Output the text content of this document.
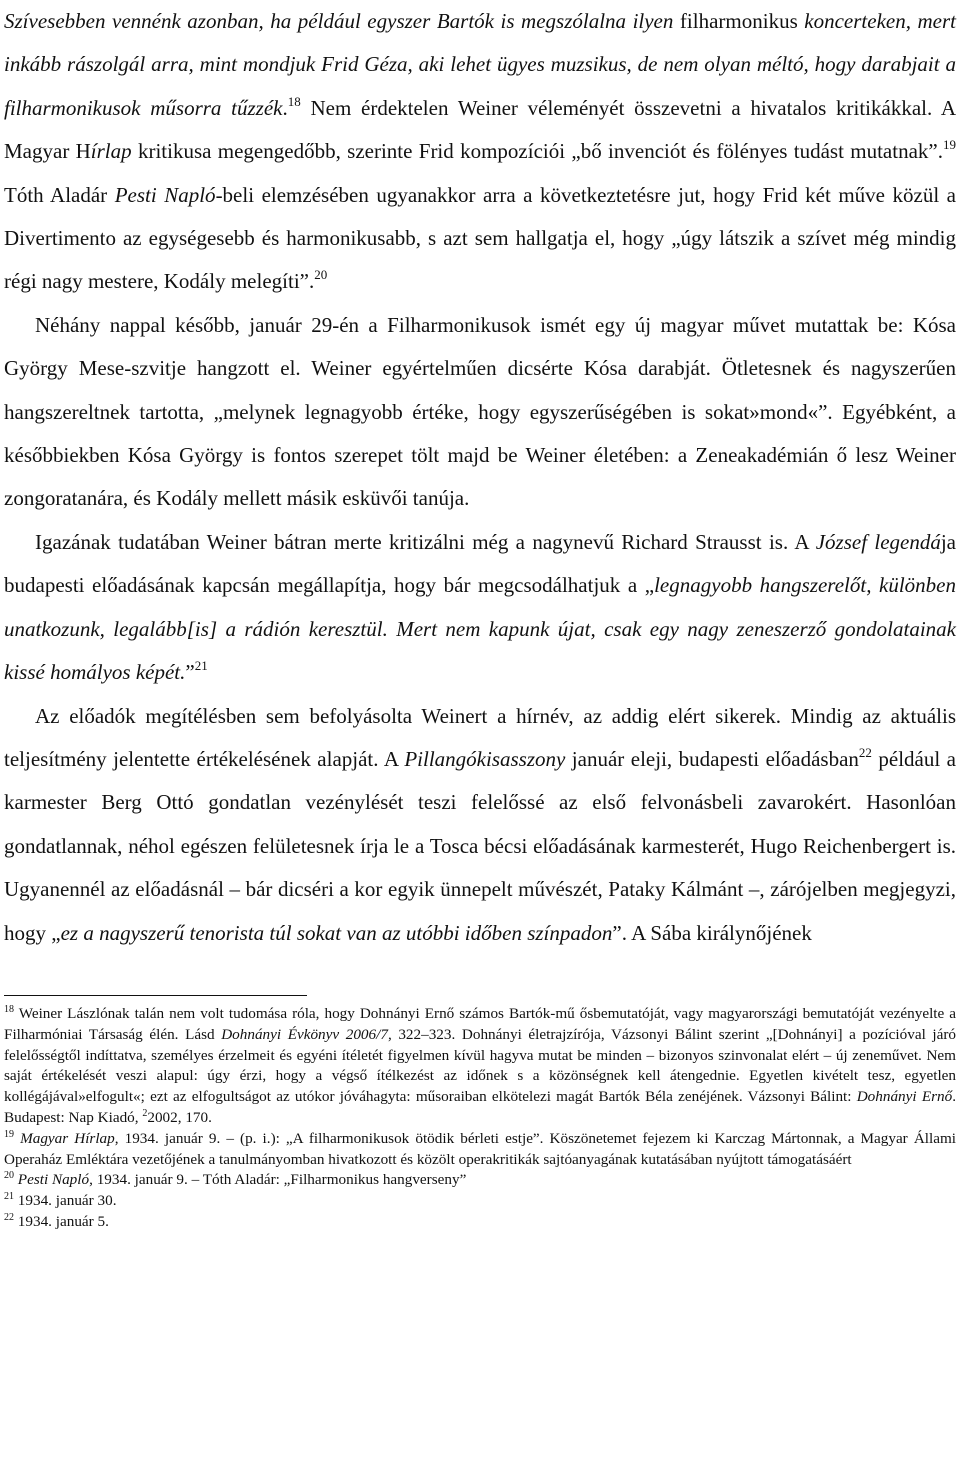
Szívesebben vennénk azonban, ha például egyszer Bartók is megszólalna ilyen filharmonikus koncerteken, mert inkább rászolgál arra, mint mondjuk Frid Géza, aki lehet ügyes muzsikus, de nem olyan méltó, hogy darabjait a filharmonikusok műsorra tűzzék.$^{18}$ Nem érdektelen Weiner véleményét összevetni a hivatalos kritikákkal. A Magyar Hírlap kritikusa megengedőbb, szerinte Frid kompozíciói „bő invenciót és fölényes tudást mutatnak”.$^{19}$ Tóth Aladár Pesti Napló-beli elemzésében ugyanakkor arra a következtetésre jut, hogy Frid két műve közül a Divertimento az egységesebb és harmonikusabb, s azt sem hallgatja el, hogy „úgy látszik a szívet még mindig régi nagy mestere, Kodály melegíti”.$^{20}$

Néhány nappal később, január 29-én a Filharmonikusok ismét egy új magyar művet mutattak be: Kósa György Mese-szvitje hangzott el. Weiner egyértelműen dicsérte Kósa darabját. Ötletesnek és nagyszerűen hangszereltnek tartotta, „melynek legnagyobb értéke, hogy egyszerűségében is sokat»mond«”. Egyébként, a későbbiekben Kósa György is fontos szerepet tölt majd be Weiner életében: a Zeneakadémián ő lesz Weiner zongoratanára, és Kodály mellett másik esküvői tanúja.

Igazának tudatában Weiner bátran merte kritizálni még a nagynevű Richard Strausst is. A József legendája budapesti előadásának kapcsán megállapítja, hogy bár megcsodálhatjuk a „legnagyobb hangszerelőt, különben unatkozunk, legalább[is] a rádión keresztül. Mert nem kapunk újat, csak egy nagy zeneszerző gondolatainak kissé homályos képét.”$^{21}$

Az előadók megítélésben sem befolyásolta Weinert a hírnév, az addig elért sikerek. Mindig az aktuális teljesítmény jelentette értékelésének alapját. A Pillangókisasszony január eleji, budapesti előadásban$^{22}$ például a karmester Berg Ottó gondatlan vezénylését teszi felelőssé az első felvonásbeli zavarokért. Hasonlóan gondatlannak, néhol egészen felületesnek írja le a Tosca bécsi előadásának karmesterét, Hugo Reichenbergert is. Ugyanennél az előadásnál – bár dicséri a kor egyik ünnepelt művészét, Pataky Kálmánt –, zárójelben megjegyzi, hogy „ez a nagyszerű tenorista túl sokat van az utóbbi időben színpadon”. A Sába királynőjének

$^{18}$ Weiner Lászlónak talán nem volt tudomása róla, hogy Dohnányi Ernő számos Bartók-mű ősbemutatóját, vagy magyarországi bemutatóját vezényelte a Filharmóniai Társaság élén. Lásd Dohnányi Évkönyv 2006/7, 322–323. Dohnányi életrajzírója, Vázsonyi Bálint szerint „[Dohnányi] a pozícióval járó felelősségtől indíttatva, személyes érzelmeit és egyéni ítéletét figyelmen kívül hagyva mutat be minden – bizonyos szinvonalat elért – új zeneművet. Nem saját értékelését veszi alapul: úgy érzi, hogy a végső ítélkezést az időnek s a közönségnek kell átengednie. Egyetlen kivételt tesz, egyetlen kollégájával»elfogult«; ezt az elfogultságot az utókor jóváhagyta: műsoraiban elkötelezi magát Bartók Béla zenéjének. Vázsonyi Bálint: Dohnányi Ernő. Budapest: Nap Kiadó, $^2$2002, 170.

$^{19}$ Magyar Hírlap, 1934. január 9. – (p. i.): „A filharmonikusok ötödik bérleti estje”. Köszönetemet fejezem ki Karczag Mártonnak, a Magyar Állami Operaház Emléktára vezetőjének a tanulmányomban hivatkozott és közölt operakritikák sajtóanyagának kutatásában nyújtott támogatásáért

$^{20}$ Pesti Napló, 1934. január 9. – Tóth Aladár: „Filharmonikus hangverseny”

$^{21}$ 1934. január 30.

$^{22}$ 1934. január 5.
